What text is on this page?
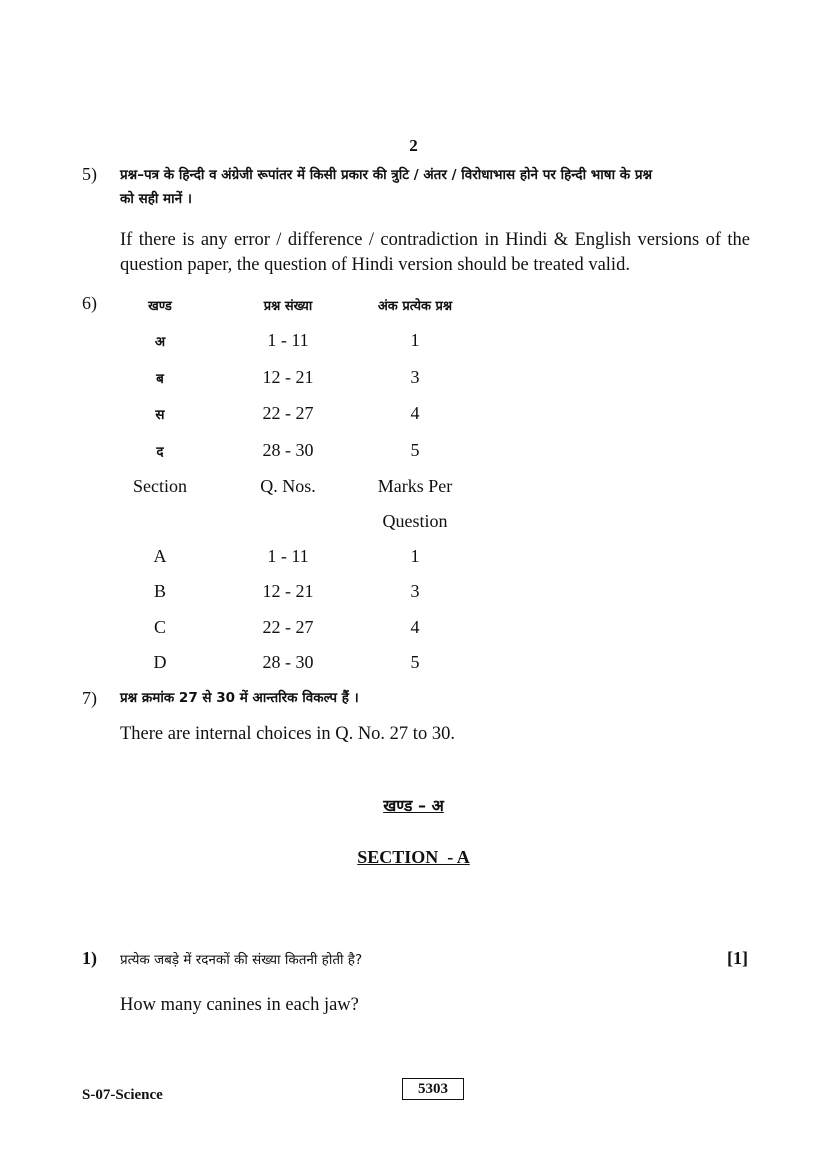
2
5) प्रश्न–पत्र के हिन्दी व अंग्रेजी रूपांतर में किसी प्रकार की त्रुटि / अंतर / विरोधाभास होने पर हिन्दी भाषा के प्रश्न
को सही मानें ।
If there is any error / difference / contradiction in Hindi & English versions of the question paper, the question of Hindi version should be treated valid.
6)	खण्ड	प्रश्न संख्या	अंक प्रत्येक प्रश्न
अ	1 - 11	1
ब	12 - 21	3
स	22 - 27	4
द	28 - 30	5
Section	Q. Nos.	Marks Per
Question
A	1 - 11	1
B	12 - 21	3
C	22 - 27	4
D	28 - 30	5
7) प्रश्न क्रमांक 27 से 30 में आन्तरिक विकल्प हैं ।
There are internal choices in Q. No. 27 to 30.
खण्ड – अ
SECTION  - A
1) प्रत्येक जबड़े में रदनकों की संख्या कितनी होती है?	[1]
How many canines in each jaw?
S-07-Science	5303
